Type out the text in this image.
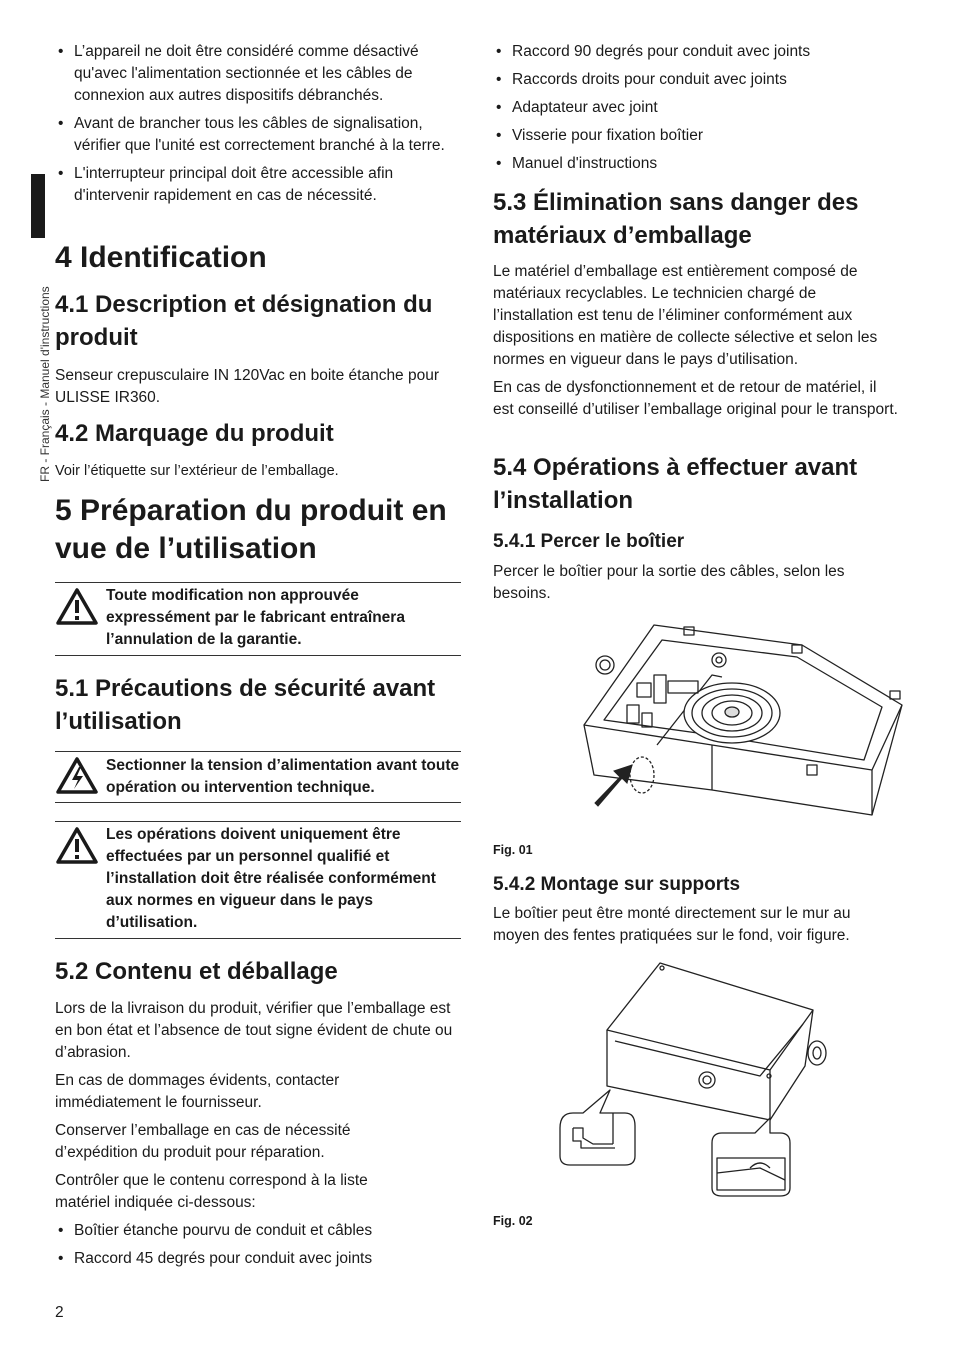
FR - Français - Manuel d'instructions
• L’appareil ne doit être considéré comme désactivé qu'avec l'alimentation sectionnée et les câbles de connexion aux autres dispositifs débranchés.
• Avant de brancher tous les câbles de signalisation, vérifier que l'unité est correctement branché à la terre.
• L'interrupteur principal doit être accessible afin d'intervenir rapidement en cas de nécessité.
4 Identification
4.1 Description et désignation du produit

Senseur crepusculaire IN 120Vac en boite étanche pour ULISSE IR360.

4.2 Marquage du produit

Voir l’étiquette sur l’extérieur de l’emballage.

5 Préparation du produit en vue de l’utilisation
Toute modification non approuvée expressément par le fabricant entraînera l’annulation de la garantie.
5.1 Précautions de sécurité avant l’utilisation
Sectionner la tension d’alimentation avant toute opération ou intervention technique.
Les opérations doivent uniquement être effectuées par un personnel qualifié et l’installation doit être réalisée conformément aux normes en vigueur dans le pays d’utilisation.
5.2 Contenu et déballage

Lors de la livraison du produit, vérifier que l’emballage est en bon état et l’absence de tout signe évident de chute ou d’abrasion.

En cas de dommages évidents, contacter immédiatement le fournisseur.

Conserver l’emballage en cas de nécessité d’expédition du produit pour réparation.

Contrôler que le contenu correspond à la liste matériel indiquée ci-dessous:

• Boîtier étanche pourvu de conduit et câbles
• Raccord 45 degrés pour conduit avec joints
2
• Raccord 90 degrés pour conduit avec joints
• Raccords droits pour conduit avec joints
• Adaptateur avec joint
• Visserie pour fixation boîtier
• Manuel d'instructions
5.3 Élimination sans danger des matériaux d’emballage

Le matériel d’emballage est entièrement composé de matériaux recyclables. Le technicien chargé de l’installation est tenu de l’éliminer conformément aux dispositions en matière de collecte sélective et selon les normes en vigueur dans le pays d’utilisation.

En cas de dysfonctionnement et de retour de matériel, il est conseillé d’utiliser l’emballage original pour le transport.

5.4 Opérations à effectuer avant l’installation
5.4.1 Percer le boîtier

Percer le boîtier pour la sortie des câbles, selon les besoins.

Fig. 01
5.4.2 Montage sur supports

Le boîtier peut être monté directement sur le mur au moyen des fentes pratiquées sur le fond, voir figure.

Fig. 02
